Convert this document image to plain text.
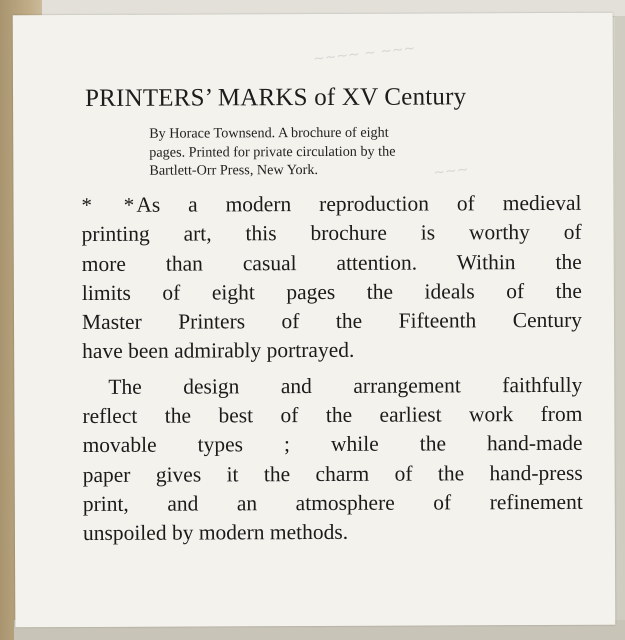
~~~~ ~ ~~~
~~~
PRINTERS’ MARKS of XV Century
By Horace Townsend. A brochure of eight
pages. Printed for private circulation by the
Bartlett-Orr Press, New York.
* *As a modern reproduction of medieval
printing art, this brochure is worthy of
more than casual attention. Within the
limits of eight pages the ideals of the
Master Printers of the Fifteenth Century
have been admirably portrayed.
The design and arrangement faithfully
reflect the best of the earliest work from
movable types ; while the hand-made
paper gives it the charm of the hand-press
print, and an atmosphere of refinement
unspoiled by modern methods.
